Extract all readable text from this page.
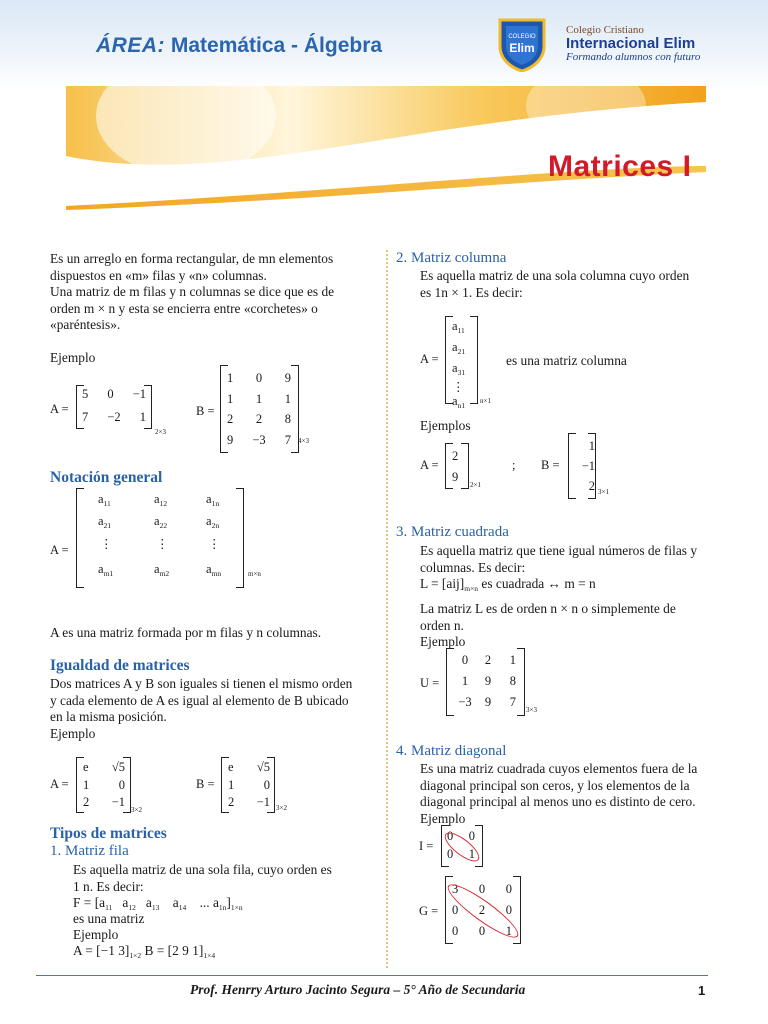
ÁREA: Matemática - Álgebra	COLEGIO
Elim
Colegio Cristiano
Internacional Elim
Formando alumnos con futuro
Matrices I
Es un arreglo en forma rectangular, de mn elementos
dispuestos en «m» filas y «n» columnas.
Una matriz de m filas y n columnas se dice que es de
orden m × n y esta se encierra entre «corchetes» o
«paréntesis».
Ejemplo
A =
5 0 −1
7 −2 1
2×3
B =
1 0 9
1 1 1
2 2 8
9 −3 7 4×3
Notación general
A =
$a_{11}$	$a_{12}$	$a_{1n}$
$a_{21}$	$a_{22}$	$a_{2n}$
⋮	⋮	⋮
$a_{m1}$	$a_{m2}$	$a_{mn}$	m×n
A es una matriz formada por m filas y n columnas.
Igualdad de matrices
Dos matrices A y B son iguales si tienen el mismo orden
y cada elemento de A es igual al elemento de B ubicado
en la misma posición.
Ejemplo
A =
e √5
1 0
2 −1
3×2
B =
e √5
1 0
2 −1 3×2
Tipos de matrices
1. Matriz fila
Es aquella matriz de una sola fila, cuyo orden es
1 n. Es decir:
$F = [a_{11}$   $a_{12}$   $a_{13}$    $a_{14}$    ... $a_{1n}]_{1\times n}$
es una matriz
Ejemplo
A = [−1 $3]_{1\times 2}$ B = [2 9 $1]_{1\times 4}$
2. Matriz columna
Es aquella matriz de una sola columna cuyo orden
es 1n × 1. Es decir:
A =
$a_{11}$
$a_{21}$
$a_{31}$
⋮
$a_{n1}$ n×1
es una matriz columna
Ejemplos
A =
2
9
2×1
; B =
1
−1
2 3×1
3. Matriz cuadrada
Es aquella matriz que tiene igual números de filas y
columnas. Es decir:
$L = [aij]_{m\times n}$ es cuadrada ↔ m = n
La matriz L es de orden n × n o simplemente de
orden n.
Ejemplo
U =
0	2	1
1	9	8
−3	9	7
3×3
4. Matriz diagonal
Es una matriz cuadrada cuyos elementos fuera de la
diagonal principal son ceros, y los elementos de la
diagonal principal al menos uno es distinto de cero.
Ejemplo
I =
0 0
0 1
G =
3 0 0
0 2 0
0 0 1
Prof. Henrry Arturo Jacinto Segura – 5° Año de Secundaria	1
